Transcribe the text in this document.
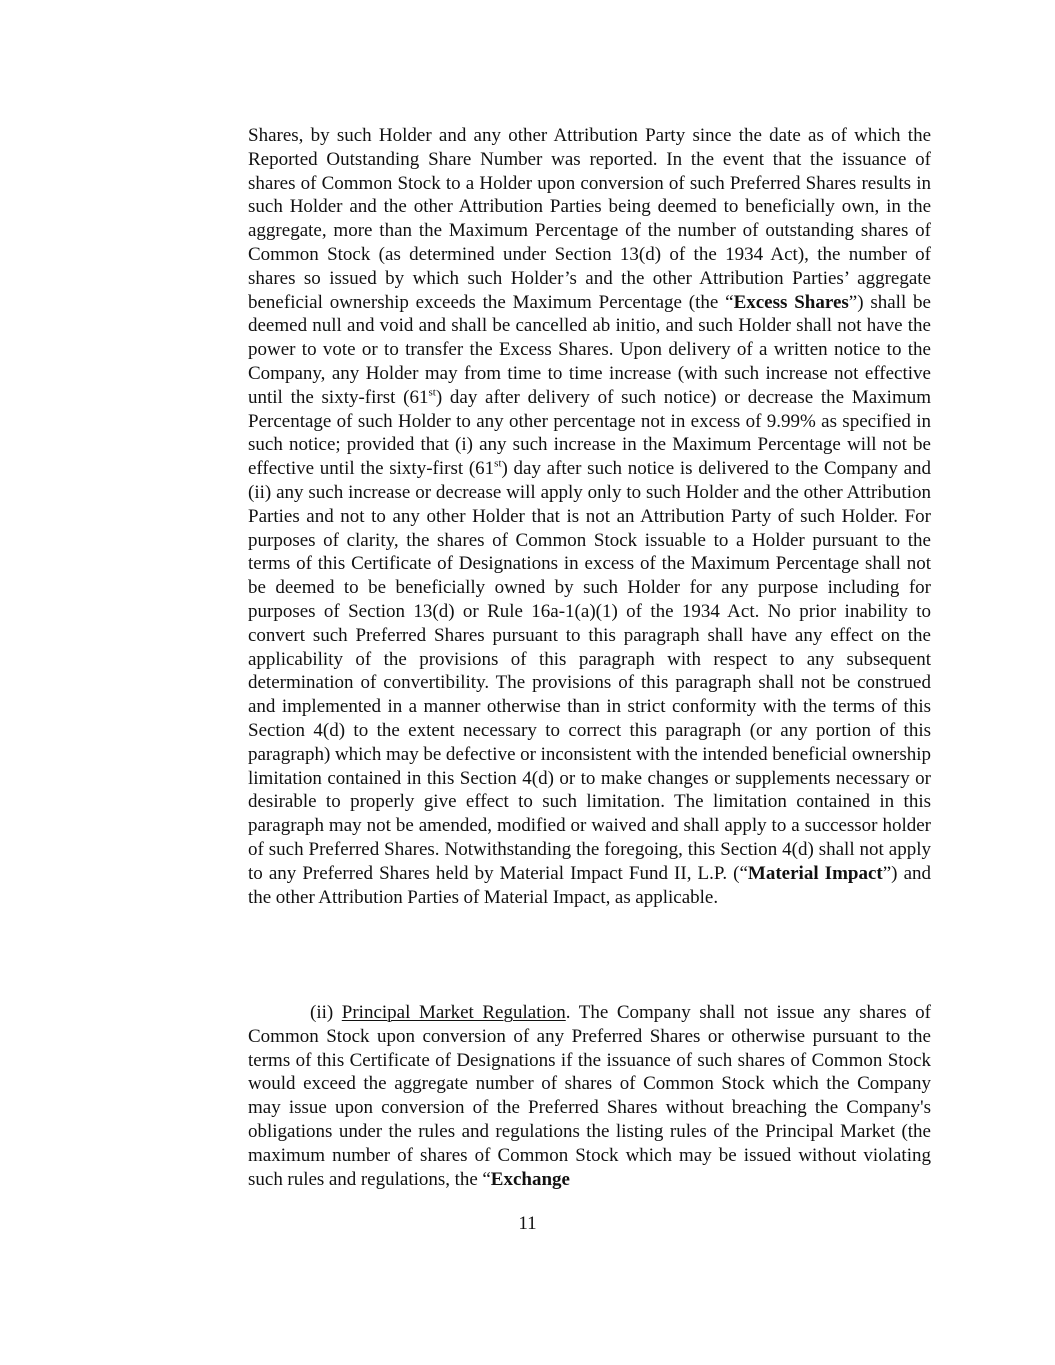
Shares, by such Holder and any other Attribution Party since the date as of which the Reported Outstanding Share Number was reported. In the event that the issuance of shares of Common Stock to a Holder upon conversion of such Preferred Shares results in such Holder and the other Attribution Parties being deemed to beneficially own, in the aggregate, more than the Maximum Percentage of the number of outstanding shares of Common Stock (as determined under Section 13(d) of the 1934 Act), the number of shares so issued by which such Holder’s and the other Attribution Parties’ aggregate beneficial ownership exceeds the Maximum Percentage (the “Excess Shares”) shall be deemed null and void and shall be cancelled ab initio, and such Holder shall not have the power to vote or to transfer the Excess Shares. Upon delivery of a written notice to the Company, any Holder may from time to time increase (with such increase not effective until the sixty-first (61st) day after delivery of such notice) or decrease the Maximum Percentage of such Holder to any other percentage not in excess of 9.99% as specified in such notice; provided that (i) any such increase in the Maximum Percentage will not be effective until the sixty-first (61st) day after such notice is delivered to the Company and (ii) any such increase or decrease will apply only to such Holder and the other Attribution Parties and not to any other Holder that is not an Attribution Party of such Holder. For purposes of clarity, the shares of Common Stock issuable to a Holder pursuant to the terms of this Certificate of Designations in excess of the Maximum Percentage shall not be deemed to be beneficially owned by such Holder for any purpose including for purposes of Section 13(d) or Rule 16a-1(a)(1) of the 1934 Act. No prior inability to convert such Preferred Shares pursuant to this paragraph shall have any effect on the applicability of the provisions of this paragraph with respect to any subsequent determination of convertibility. The provisions of this paragraph shall not be construed and implemented in a manner otherwise than in strict conformity with the terms of this Section 4(d) to the extent necessary to correct this paragraph (or any portion of this paragraph) which may be defective or inconsistent with the intended beneficial ownership limitation contained in this Section 4(d) or to make changes or supplements necessary or desirable to properly give effect to such limitation. The limitation contained in this paragraph may not be amended, modified or waived and shall apply to a successor holder of such Preferred Shares. Notwithstanding the foregoing, this Section 4(d) shall not apply to any Preferred Shares held by Material Impact Fund II, L.P. (“Material Impact”) and the other Attribution Parties of Material Impact, as applicable.

(ii) Principal Market Regulation. The Company shall not issue any shares of Common Stock upon conversion of any Preferred Shares or otherwise pursuant to the terms of this Certificate of Designations if the issuance of such shares of Common Stock would exceed the aggregate number of shares of Common Stock which the Company may issue upon conversion of the Preferred Shares without breaching the Company's obligations under the rules and regulations the listing rules of the Principal Market (the maximum number of shares of Common Stock which may be issued without violating such rules and regulations, the “Exchange

11
